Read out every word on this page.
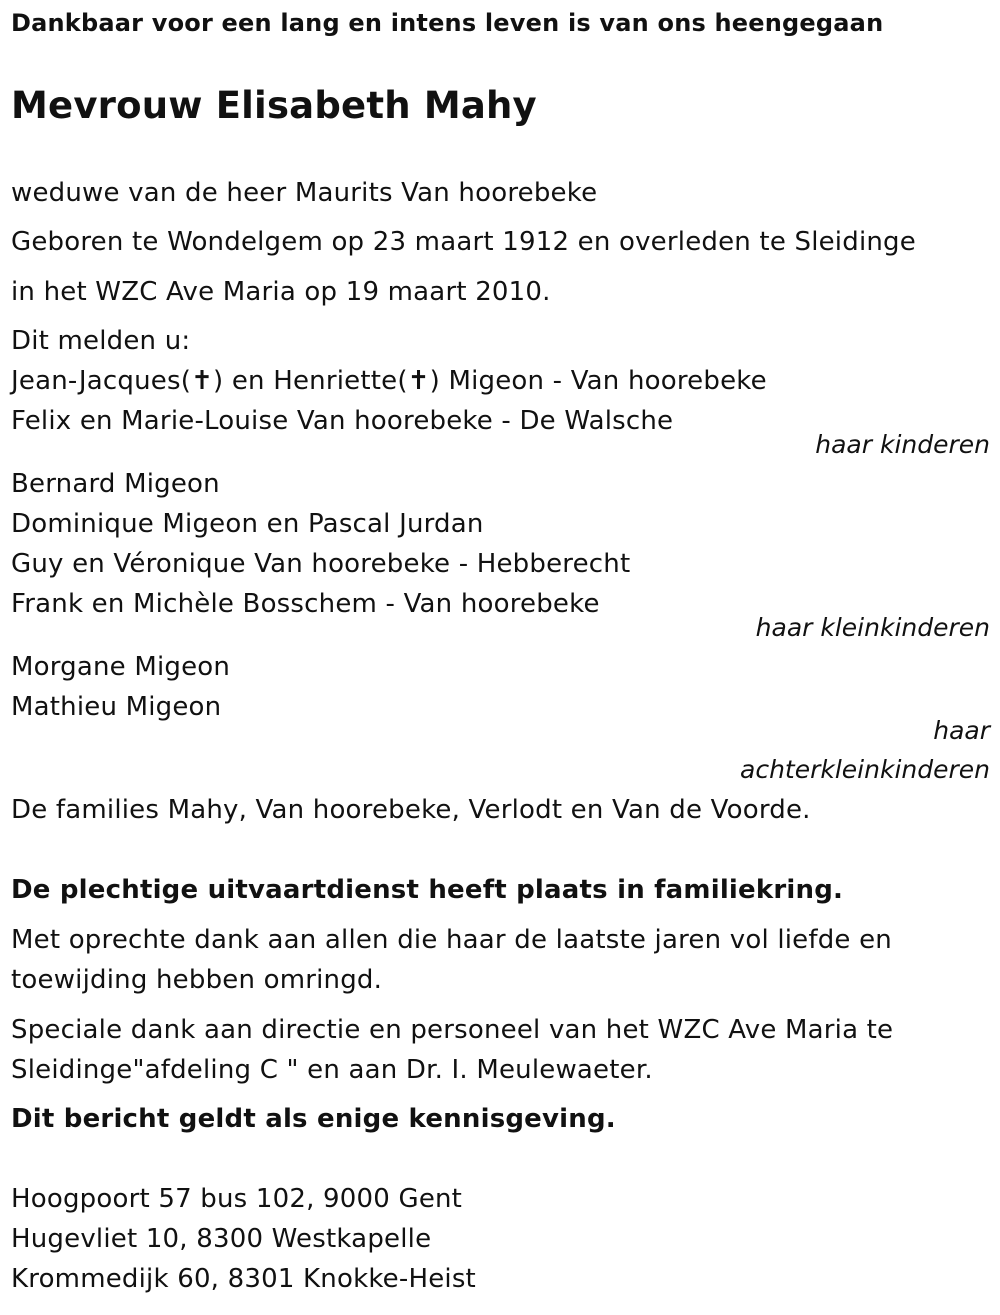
Dankbaar voor een lang en intens leven is van ons heengegaan
Mevrouw Elisabeth Mahy
weduwe van de heer Maurits Van hoorebeke
Geboren te Wondelgem op 23 maart 1912 en overleden te Sleidinge
in het WZC Ave Maria op 19 maart 2010.
Dit melden u:
Jean-Jacques(✝) en Henriette(✝) Migeon - Van hoorebeke
Felix en Marie-Louise Van hoorebeke - De Walsche
haar kinderen
Bernard Migeon
Dominique Migeon en Pascal Jurdan
Guy en Véronique Van hoorebeke - Hebberecht
Frank en Michèle Bosschem - Van hoorebeke
haar kleinkinderen
Morgane Migeon
Mathieu Migeon
haar
achterkleinkinderen
De families Mahy, Van hoorebeke, Verlodt en Van de Voorde.
De plechtige uitvaartdienst heeft plaats in familiekring.
Met oprechte dank aan allen die haar de laatste jaren vol liefde en
toewijding hebben omringd.
Speciale dank aan directie en personeel van het WZC Ave Maria te
Sleidinge"afdeling C " en aan Dr. I. Meulewaeter.
Dit bericht geldt als enige kennisgeving.
Hoogpoort 57 bus 102, 9000 Gent
Hugevliet 10, 8300 Westkapelle
Krommedijk 60, 8301 Knokke-Heist
